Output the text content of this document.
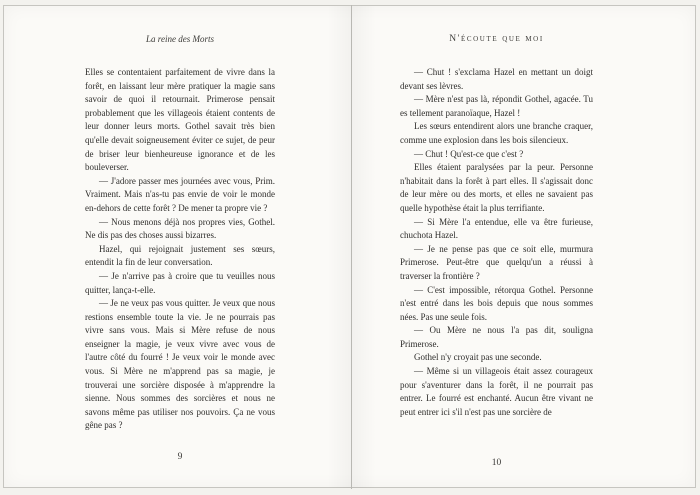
La reine des Morts

Elles se contentaient parfaitement de vivre dans la forêt, en laissant leur mère pratiquer la magie sans savoir de quoi il retournait. Primerose pensait probablement que les villageois étaient contents de leur donner leurs morts. Gothel savait très bien qu'elle devait soigneusement éviter ce sujet, de peur de briser leur bienheureuse ignorance et de les bouleverser.

— J'adore passer mes journées avec vous, Prim. Vraiment. Mais n'as-tu pas envie de voir le monde en-dehors de cette forêt ? De mener ta propre vie ?

— Nous menons déjà nos propres vies, Gothel. Ne dis pas des choses aussi bizarres.

Hazel, qui rejoignait justement ses sœurs, entendit la fin de leur conversation.

— Je n'arrive pas à croire que tu veuilles nous quitter, lança-t-elle.

— Je ne veux pas vous quitter. Je veux que nous restions ensemble toute la vie. Je ne pourrais pas vivre sans vous. Mais si Mère refuse de nous enseigner la magie, je veux vivre avec vous de l'autre côté du fourré ! Je veux voir le monde avec vous. Si Mère ne m'apprend pas sa magie, je trouverai une sorcière disposée à m'apprendre la sienne. Nous sommes des sorcières et nous ne savons même pas utiliser nos pouvoirs. Ça ne vous gêne pas ?

9
N'écoute que moi

— Chut ! s'exclama Hazel en mettant un doigt devant ses lèvres.

— Mère n'est pas là, répondit Gothel, agacée. Tu es tellement paranoïaque, Hazel !

Les sœurs entendirent alors une branche craquer, comme une explosion dans les bois silencieux.

— Chut ! Qu'est-ce que c'est ?

Elles étaient paralysées par la peur. Personne n'habitait dans la forêt à part elles. Il s'agissait donc de leur mère ou des morts, et elles ne savaient pas quelle hypothèse était la plus terrifiante.

— Si Mère l'a entendue, elle va être furieuse, chuchota Hazel.

— Je ne pense pas que ce soit elle, murmura Primerose. Peut-être que quelqu'un a réussi à traverser la frontière ?

— C'est impossible, rétorqua Gothel. Personne n'est entré dans les bois depuis que nous sommes nées. Pas une seule fois.

— Ou Mère ne nous l'a pas dit, souligna Primerose.

Gothel n'y croyait pas une seconde.

— Même si un villageois était assez courageux pour s'aventurer dans la forêt, il ne pourrait pas entrer. Le fourré est enchanté. Aucun être vivant ne peut entrer ici s'il n'est pas une sorcière de

10
